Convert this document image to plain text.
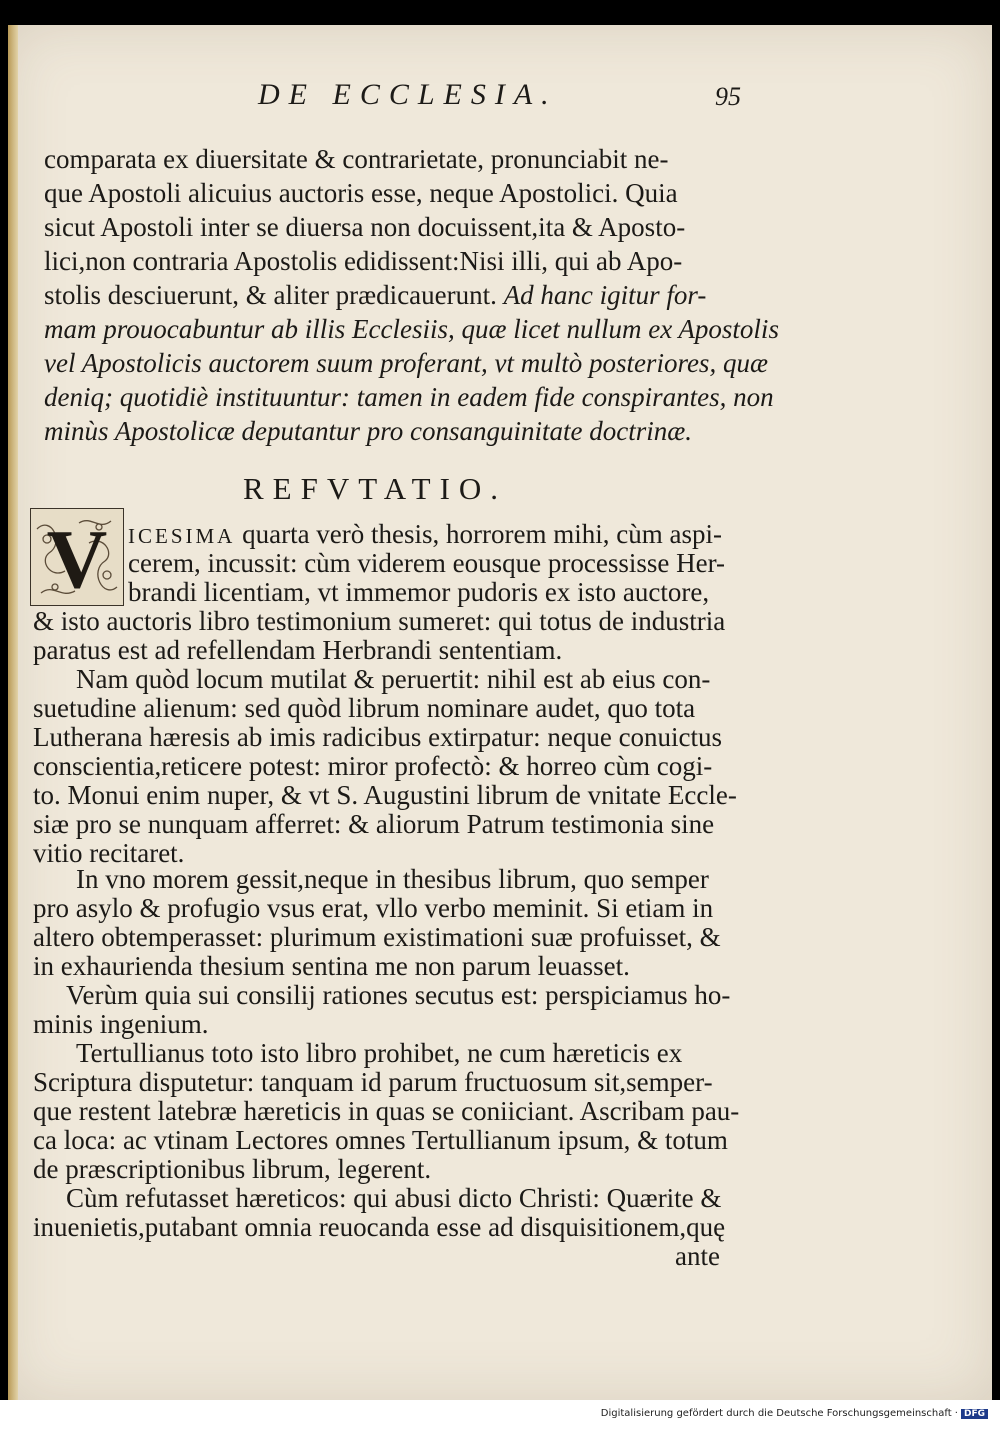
DE ECCLESIA.	95
comparata ex diuersitate & contrarietate, pronunciabit ne-
que Apostoli alicuius auctoris esse, neque Apostolici. Quia
sicut Apostoli inter se diuersa non docuissent,ita & Aposto-
lici,non contraria Apostolis edidissent:Nisi illi, qui ab Apo-
stolis desciuerunt, & aliter prædicauerunt. Ad hanc igitur for-
mam prouocabuntur ab illis Ecclesiis, quæ licet nullum ex Apostolis
vel Apostolicis auctorem suum proferant, vt multò posteriores, quæ
deniq; quotidiè instituuntur: tamen in eadem fide conspirantes, non
minùs Apostolicæ deputantur pro consanguinitate doctrinæ.
REFVTATIO.
V ICESIMA quarta verò thesis, horrorem mihi, cùm aspi-
cerem, incussit: cùm viderem eousque processisse Her-
brandi licentiam, vt immemor pudoris ex isto auctore,
& isto auctoris libro testimonium sumeret: qui totus de industria
paratus est ad refellendam Herbrandi sententiam.
Nam quòd locum mutilat & peruertit: nihil est ab eius con-
suetudine alienum: sed quòd librum nominare audet, quo tota
Lutherana hæresis ab imis radicibus extirpatur: neque conuictus
conscientia,reticere potest: miror profectò: & horreo cùm cogi-
to. Monui enim nuper, & vt S. Augustini librum de vnitate Eccle-
siæ pro se nunquam afferret: & aliorum Patrum testimonia sine
vitio recitaret.
In vno morem gessit,neque in thesibus librum, quo semper
pro asylo & profugio vsus erat, vllo verbo meminit. Si etiam in
altero obtemperasset: plurimum existimationi suæ profuisset, &
in exhaurienda thesium sentina me non parum leuasset.
Verùm quia sui consilij rationes secutus est: perspiciamus ho-
minis ingenium.
Tertullianus toto isto libro prohibet, ne cum hæreticis ex
Scriptura disputetur: tanquam id parum fructuosum sit,semper-
que restent latebræ hæreticis in quas se coniiciant. Ascribam pau-
ca loca: ac vtinam Lectores omnes Tertullianum ipsum, & totum
de præscriptionibus librum, legerent.
Cùm refutasset hæreticos: qui abusi dicto Christi: Quærite &
inuenietis,putabant omnia reuocanda esse ad disquisitionem,quę
ante
Digitalisierung gefördert durch die Deutsche Forschungsgemeinschaft · DFG
